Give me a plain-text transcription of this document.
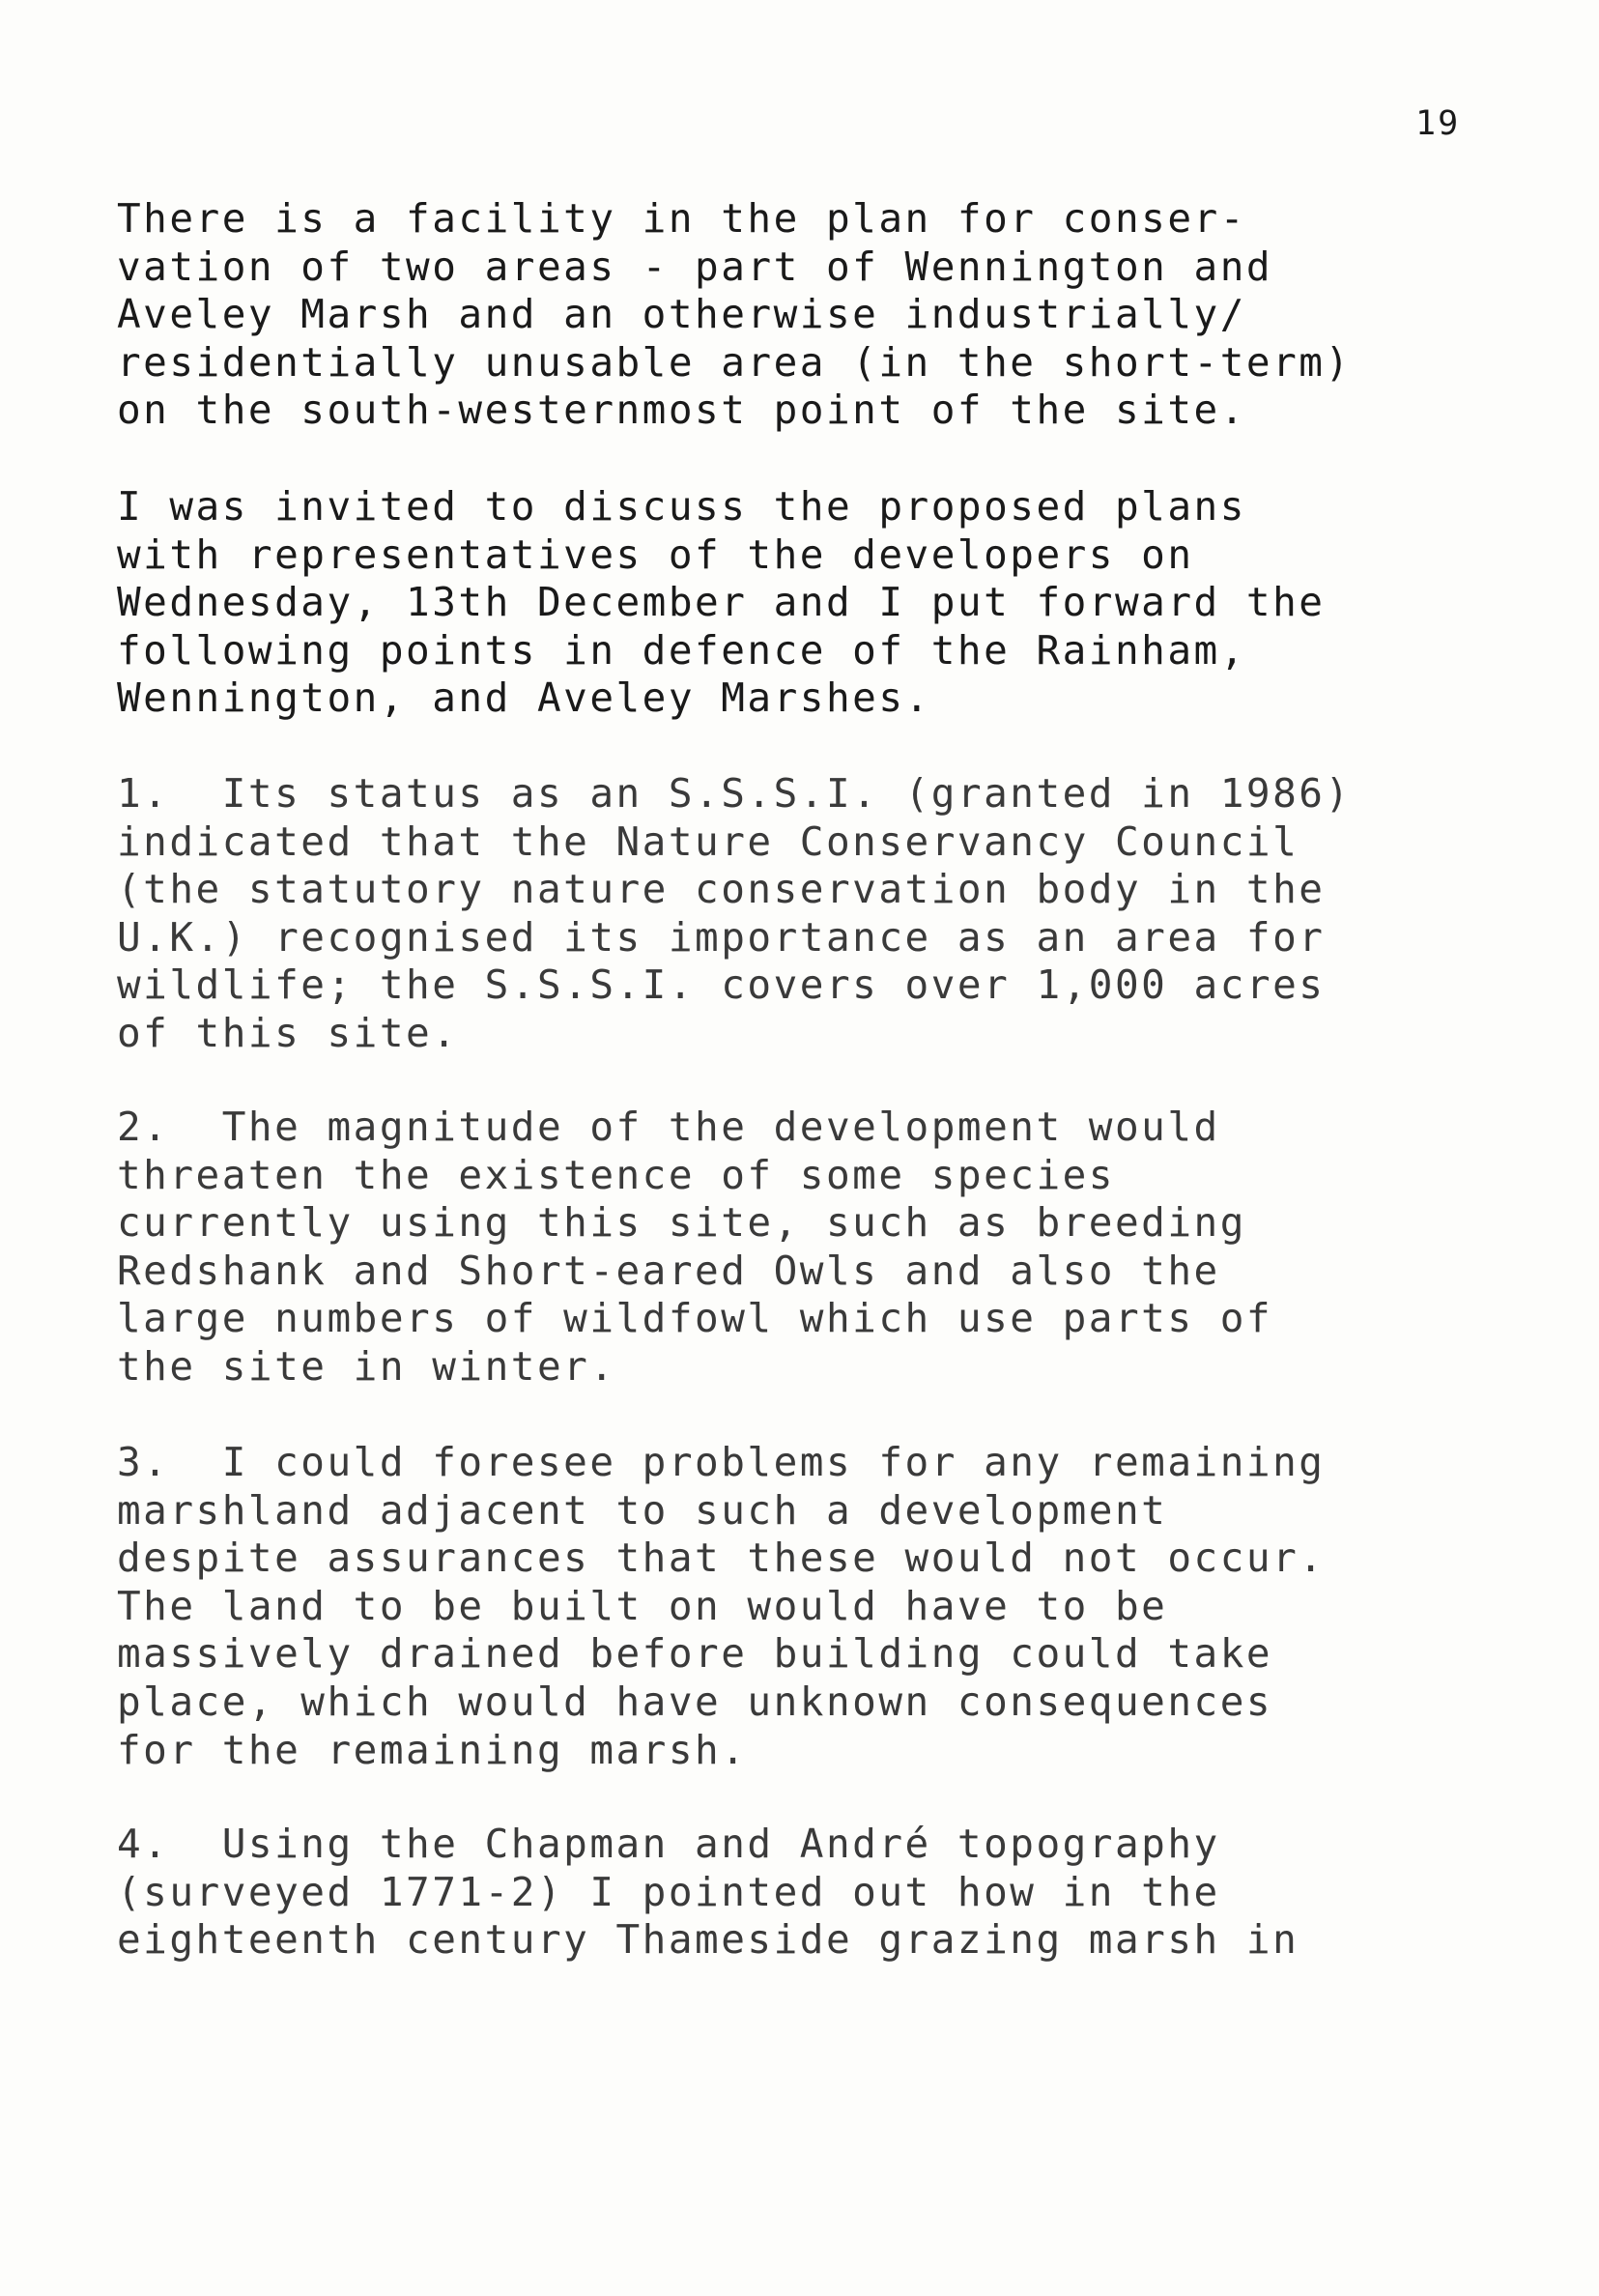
19
There is a facility in the plan for conser-
vation of two areas - part of Wennington and
Aveley Marsh and an otherwise industrially/
residentially unusable area (in the short-term)
on the south-westernmost point of the site.
I was invited to discuss the proposed plans
with representatives of the developers on
Wednesday, 13th December and I put forward the
following points in defence of the Rainham,
Wennington, and Aveley Marshes.
1.  Its status as an S.S.S.I. (granted in 1986)
indicated that the Nature Conservancy Council
(the statutory nature conservation body in the
U.K.) recognised its importance as an area for
wildlife; the S.S.S.I. covers over 1,000 acres
of this site.
2.  The magnitude of the development would
threaten the existence of some species
currently using this site, such as breeding
Redshank and Short-eared Owls and also the
large numbers of wildfowl which use parts of
the site in winter.
3.  I could foresee problems for any remaining
marshland adjacent to such a development
despite assurances that these would not occur.
The land to be built on would have to be
massively drained before building could take
place, which would have unknown consequences
for the remaining marsh.
4.  Using the Chapman and André topography
(surveyed 1771-2) I pointed out how in the
eighteenth century Thameside grazing marsh in
